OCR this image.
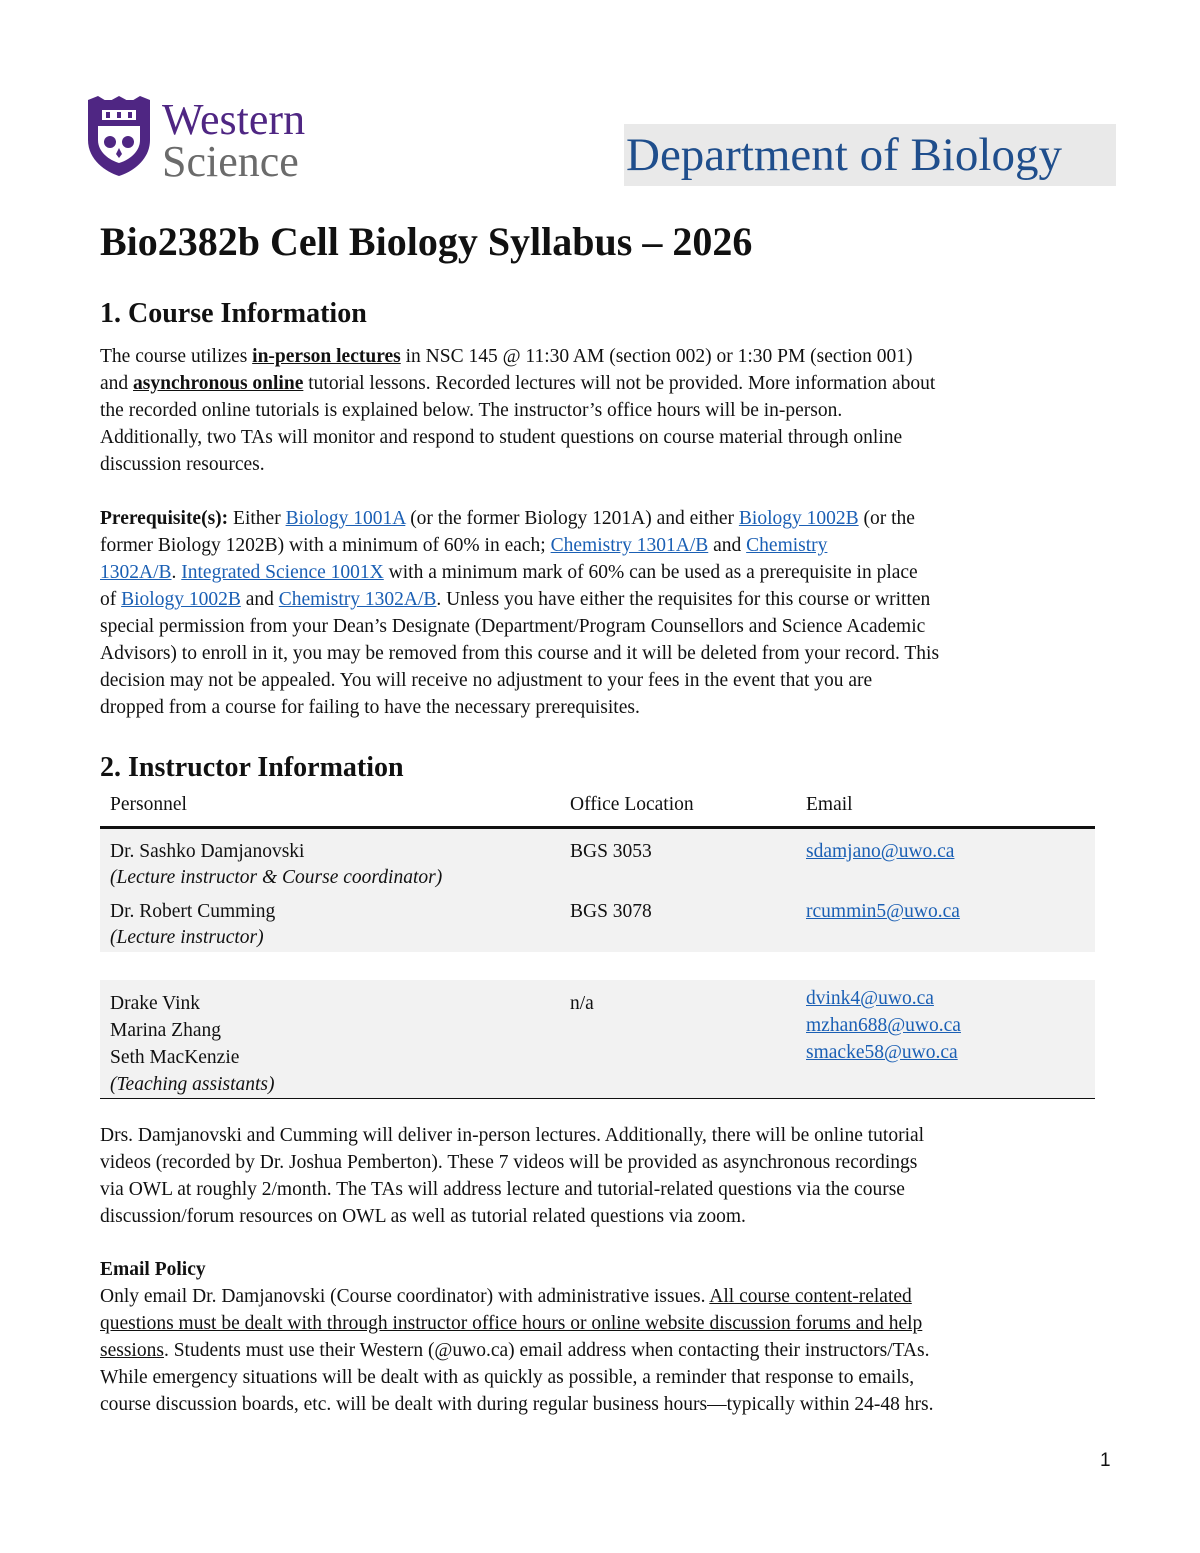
Western
Science	Department of Biology
Bio2382b Cell Biology Syllabus – 2026
1. Course Information
The course utilizes in-person lectures in NSC 145 @ 11:30 AM (section 002) or 1:30 PM (section 001)
and asynchronous online tutorial lessons. Recorded lectures will not be provided. More information about
the recorded online tutorials is explained below. The instructor’s office hours will be in-person.
Additionally, two TAs will monitor and respond to student questions on course material through online
discussion resources.
Prerequisite(s): Either Biology 1001A (or the former Biology 1201A) and either Biology 1002B (or the
former Biology 1202B) with a minimum of 60% in each; Chemistry 1301A/B and Chemistry
1302A/B. Integrated Science 1001X with a minimum mark of 60% can be used as a prerequisite in place
of Biology 1002B and Chemistry 1302A/B. Unless you have either the requisites for this course or written
special permission from your Dean’s Designate (Department/Program Counsellors and Science Academic
Advisors) to enroll in it, you may be removed from this course and it will be deleted from your record. This
decision may not be appealed. You will receive no adjustment to your fees in the event that you are
dropped from a course for failing to have the necessary prerequisites.
2. Instructor Information
Personnel	Office Location	Email

Dr. Sashko Damjanovski
(Lecture instructor & Course coordinator)	BGS 3053	sdamjano@uwo.ca

Dr. Robert Cumming
(Lecture instructor)	BGS 3078	rcummin5@uwo.ca

Drake Vink
Marina Zhang
Seth MacKenzie
(Teaching assistants)	n/a	dvink4@uwo.ca
mzhan688@uwo.ca
smacke58@uwo.ca
Drs. Damjanovski and Cumming will deliver in-person lectures. Additionally, there will be online tutorial
videos (recorded by Dr. Joshua Pemberton). These 7 videos will be provided as asynchronous recordings
via OWL at roughly 2/month. The TAs will address lecture and tutorial-related questions via the course
discussion/forum resources on OWL as well as tutorial related questions via zoom.
Email Policy
Only email Dr. Damjanovski (Course coordinator) with administrative issues. All course content-related
questions must be dealt with through instructor office hours or online website discussion forums and help
sessions. Students must use their Western (@uwo.ca) email address when contacting their instructors/TAs.
While emergency situations will be dealt with as quickly as possible, a reminder that response to emails,
course discussion boards, etc. will be dealt with during regular business hours—typically within 24-48 hrs.
1
